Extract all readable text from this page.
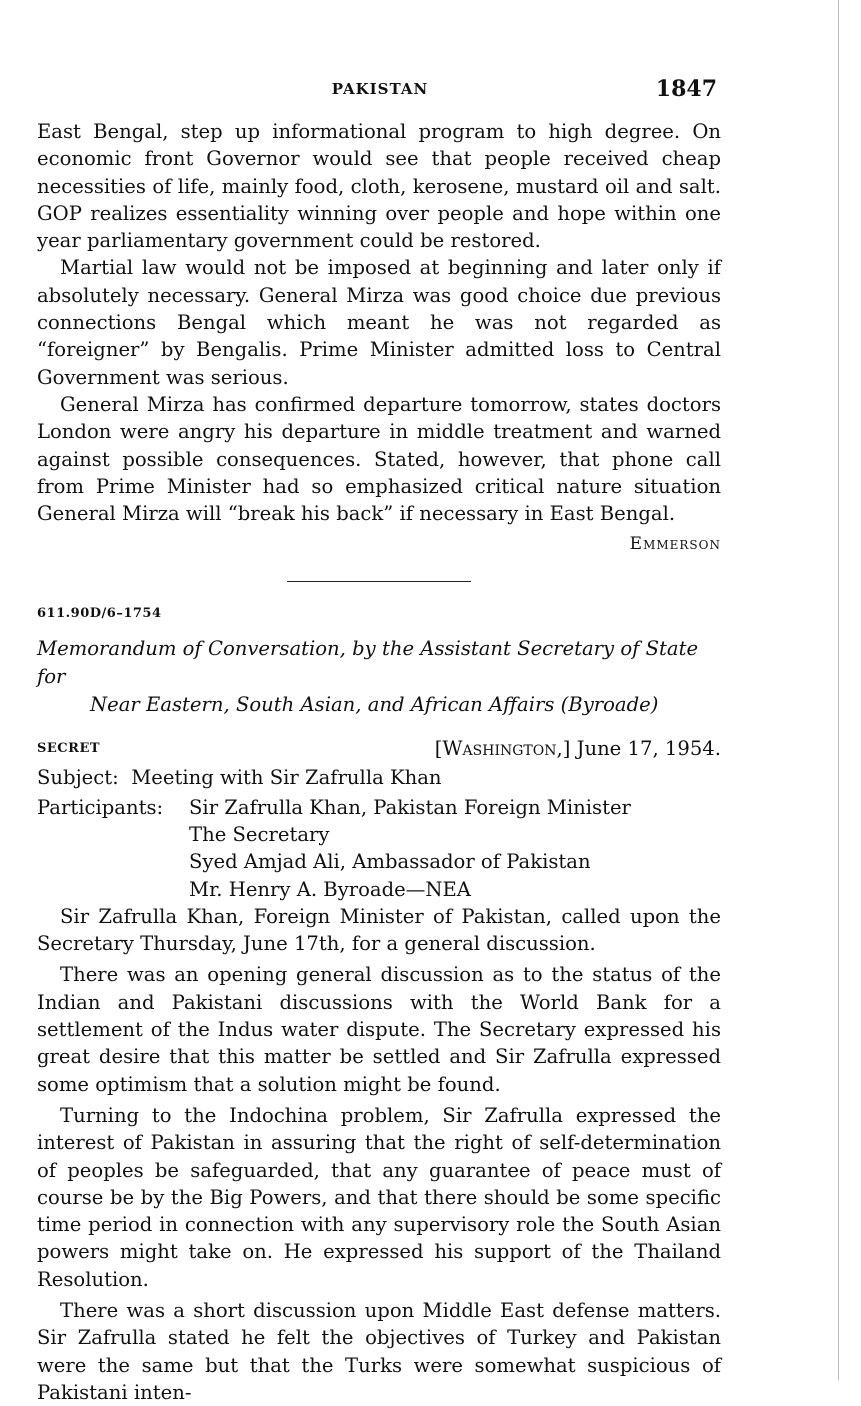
PAKISTAN	1847

East Bengal, step up informational program to high degree. On economic front Governor would see that people received cheap necessities of life, mainly food, cloth, kerosene, mustard oil and salt. GOP realizes essentiality winning over people and hope within one year parliamentary government could be restored.

Martial law would not be imposed at beginning and later only if absolutely necessary. General Mirza was good choice due previous connections Bengal which meant he was not regarded as “foreigner” by Bengalis. Prime Minister admitted loss to Central Government was serious.

General Mirza has confirmed departure tomorrow, states doctors London were angry his departure in middle treatment and warned against possible consequences. Stated, however, that phone call from Prime Minister had so emphasized critical nature situation General Mirza will “break his back” if necessary in East Bengal.

Emmerson
611.90D/6–1754
Memorandum of Conversation, by the Assistant Secretary of State for
Near Eastern, South Asian, and African Affairs (Byroade)
SECRET	[Washington,] June 17, 1954.
Subject: Meeting with Sir Zafrulla Khan
Participants:	Sir Zafrulla Khan, Pakistan Foreign Minister
The Secretary
Syed Amjad Ali, Ambassador of Pakistan
Mr. Henry A. Byroade—NEA

Sir Zafrulla Khan, Foreign Minister of Pakistan, called upon the Secretary Thursday, June 17th, for a general discussion.

There was an opening general discussion as to the status of the Indian and Pakistani discussions with the World Bank for a settlement of the Indus water dispute. The Secretary expressed his great desire that this matter be settled and Sir Zafrulla expressed some optimism that a solution might be found.

Turning to the Indochina problem, Sir Zafrulla expressed the interest of Pakistan in assuring that the right of self-determination of peoples be safeguarded, that any guarantee of peace must of course be by the Big Powers, and that there should be some specific time period in connection with any supervisory role the South Asian powers might take on. He expressed his support of the Thailand Resolution.

There was a short discussion upon Middle East defense matters. Sir Zafrulla stated he felt the objectives of Turkey and Pakistan were the same but that the Turks were somewhat suspicious of Pakistani inten-
